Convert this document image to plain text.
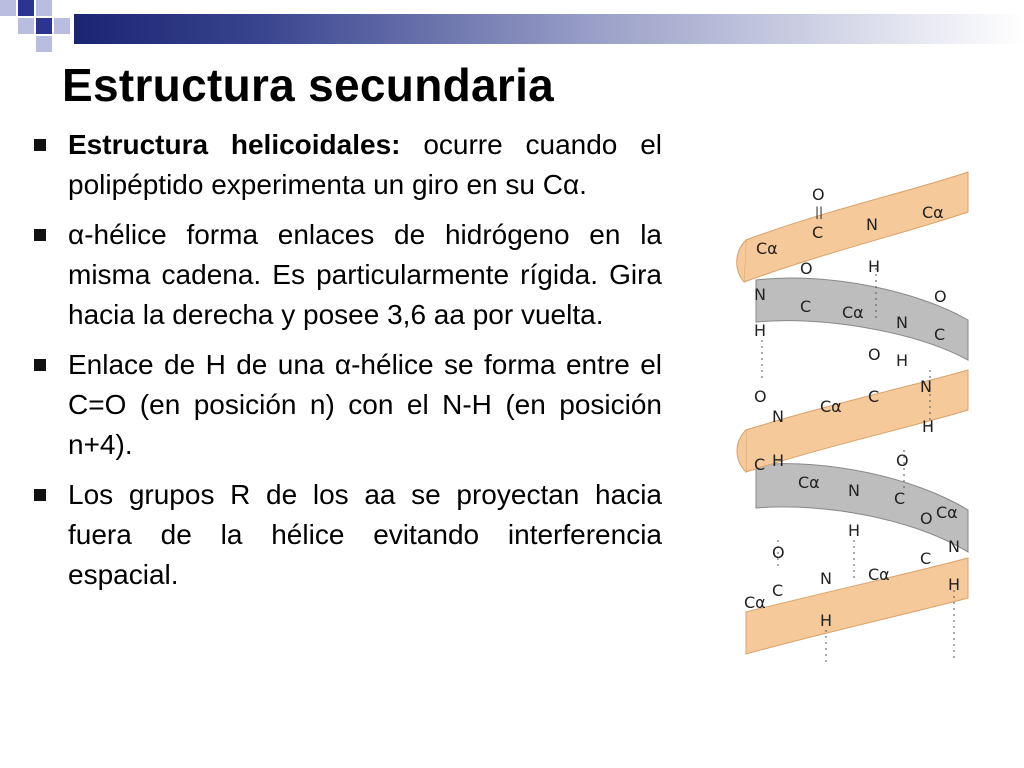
Estructura secundaria
Estructura helicoidales: ocurre cuando el polipéptido experimenta un giro en su Cα.
α-hélice forma enlaces de hidrógeno en la misma cadena. Es particularmente rígida. Gira hacia la derecha y posee 3,6 aa por vuelta.
Enlace de H de una α-hélice se forma entre el C=O (en posición n) con el N-H (en posición n+4).
Los grupos R de los aa se proyectan hacia fuera de la hélice evitando interferencia espacial.
O
||
C	N
Cα
Cα
H
O
C
N
H
Cα
N
O
C
O H
O
N
Cα
C
N
H
C H	O
Cα N C
Cα
H
O
O
C
N Cα
C
N
H
Cα
H
